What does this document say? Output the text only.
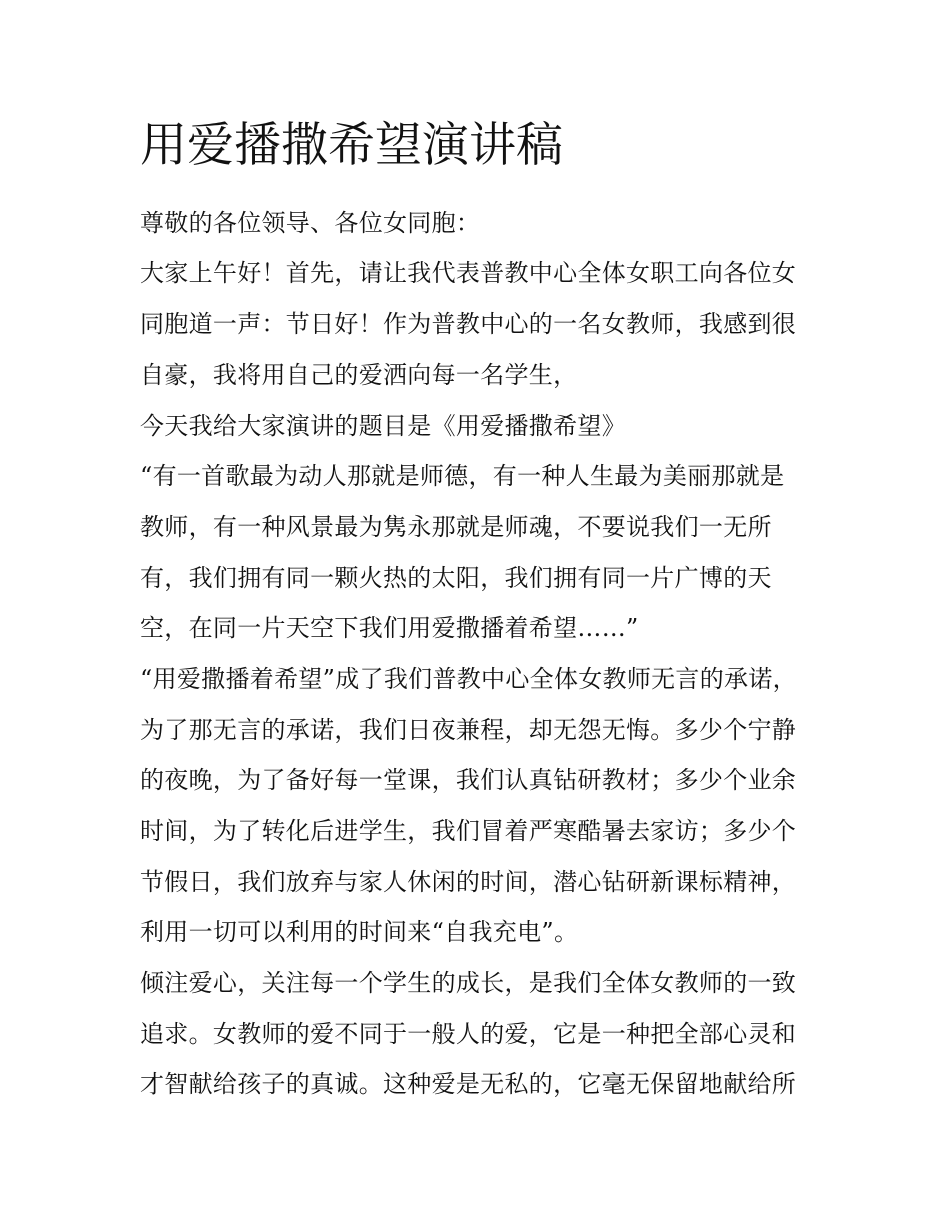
用爱播撒希望演讲稿

尊敬的各位领导、各位女同胞：

大家上午好！首先，请让我代表普教中心全体女职工向各位女

同胞道一声：节日好！作为普教中心的一名女教师，我感到很

自豪，我将用自己的爱洒向每一名学生，

今天我给大家演讲的题目是《用爱播撒希望》

“有一首歌最为动人那就是师德，有一种人生最为美丽那就是

教师，有一种风景最为隽永那就是师魂，不要说我们一无所

有，我们拥有同一颗火热的太阳，我们拥有同一片广博的天

空，在同一片天空下我们用爱撒播着希望……”

“用爱撒播着希望”成了我们普教中心全体女教师无言的承诺，

为了那无言的承诺，我们日夜兼程，却无怨无悔。多少个宁静

的夜晚，为了备好每一堂课，我们认真钻研教材；多少个业余

时间，为了转化后进学生，我们冒着严寒酷暑去家访；多少个

节假日，我们放弃与家人休闲的时间，潜心钻研新课标精神，

利用一切可以利用的时间来“自我充电”。

倾注爱心，关注每一个学生的成长，是我们全体女教师的一致

追求。女教师的爱不同于一般人的爱，它是一种把全部心灵和

才智献给孩子的真诚。这种爱是无私的，它毫无保留地献给所
